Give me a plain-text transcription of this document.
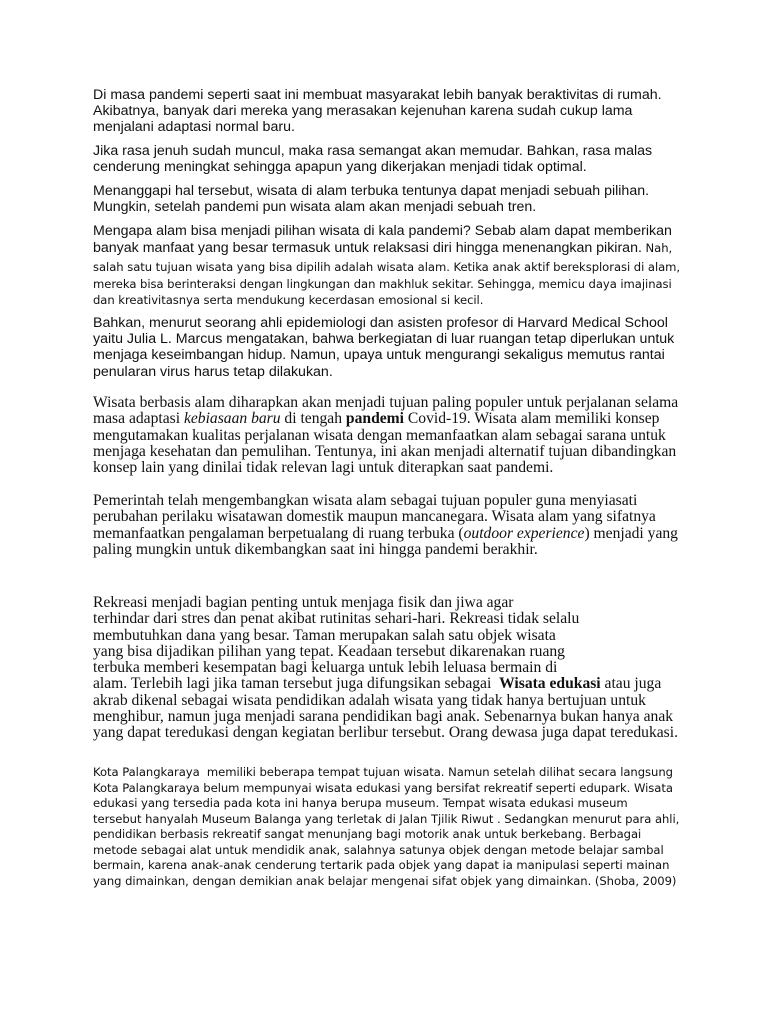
Di masa pandemi seperti saat ini membuat masyarakat lebih banyak beraktivitas di rumah.
Akibatnya, banyak dari mereka yang merasakan kejenuhan karena sudah cukup lama
menjalani adaptasi normal baru.
Jika rasa jenuh sudah muncul, maka rasa semangat akan memudar. Bahkan, rasa malas
cenderung meningkat sehingga apapun yang dikerjakan menjadi tidak optimal.
Menanggapi hal tersebut, wisata di alam terbuka tentunya dapat menjadi sebuah pilihan.
Mungkin, setelah pandemi pun wisata alam akan menjadi sebuah tren.
Mengapa alam bisa menjadi pilihan wisata di kala pandemi? Sebab alam dapat memberikan
banyak manfaat yang besar termasuk untuk relaksasi diri hingga menenangkan pikiran. Nah,
salah satu tujuan wisata yang bisa dipilih adalah wisata alam. Ketika anak aktif bereksplorasi di alam,
mereka bisa berinteraksi dengan lingkungan dan makhluk sekitar. Sehingga, memicu daya imajinasi
dan kreativitasnya serta mendukung kecerdasan emosional si kecil.
Bahkan, menurut seorang ahli epidemiologi dan asisten profesor di Harvard Medical School
yaitu Julia L. Marcus mengatakan, bahwa berkegiatan di luar ruangan tetap diperlukan untuk
menjaga keseimbangan hidup. Namun, upaya untuk mengurangi sekaligus memutus rantai
penularan virus harus tetap dilakukan.
Wisata berbasis alam diharapkan akan menjadi tujuan paling populer untuk perjalanan selama
masa adaptasi kebiasaan baru di tengah pandemi Covid-19. Wisata alam memiliki konsep
mengutamakan kualitas perjalanan wisata dengan memanfaatkan alam sebagai sarana untuk
menjaga kesehatan dan pemulihan. Tentunya, ini akan menjadi alternatif tujuan dibandingkan
konsep lain yang dinilai tidak relevan lagi untuk diterapkan saat pandemi.
Pemerintah telah mengembangkan wisata alam sebagai tujuan populer guna menyiasati
perubahan perilaku wisatawan domestik maupun mancanegara. Wisata alam yang sifatnya
memanfaatkan pengalaman berpetualang di ruang terbuka (outdoor experience) menjadi yang
paling mungkin untuk dikembangkan saat ini hingga pandemi berakhir.
Rekreasi menjadi bagian penting untuk menjaga fisik dan jiwa agar
terhindar dari stres dan penat akibat rutinitas sehari-hari. Rekreasi tidak selalu
membutuhkan dana yang besar. Taman merupakan salah satu objek wisata
yang bisa dijadikan pilihan yang tepat. Keadaan tersebut dikarenakan ruang
terbuka memberi kesempatan bagi keluarga untuk lebih leluasa bermain di
alam. Terlebih lagi jika taman tersebut juga difungsikan sebagai  Wisata edukasi atau juga
akrab dikenal sebagai wisata pendidikan adalah wisata yang tidak hanya bertujuan untuk
menghibur, namun juga menjadi sarana pendidikan bagi anak. Sebenarnya bukan hanya anak
yang dapat teredukasi dengan kegiatan berlibur tersebut. Orang dewasa juga dapat teredukasi.
Kota Palangkaraya  memiliki beberapa tempat tujuan wisata. Namun setelah dilihat secara langsung
Kota Palangkaraya belum mempunyai wisata edukasi yang bersifat rekreatif seperti edupark. Wisata
edukasi yang tersedia pada kota ini hanya berupa museum. Tempat wisata edukasi museum
tersebut hanyalah Museum Balanga yang terletak di Jalan Tjilik Riwut . Sedangkan menurut para ahli,
pendidikan berbasis rekreatif sangat menunjang bagi motorik anak untuk berkebang. Berbagai
metode sebagai alat untuk mendidik anak, salahnya satunya objek dengan metode belajar sambal
bermain, karena anak-anak cenderung tertarik pada objek yang dapat ia manipulasi seperti mainan
yang dimainkan, dengan demikian anak belajar mengenai sifat objek yang dimainkan. (Shoba, 2009)
